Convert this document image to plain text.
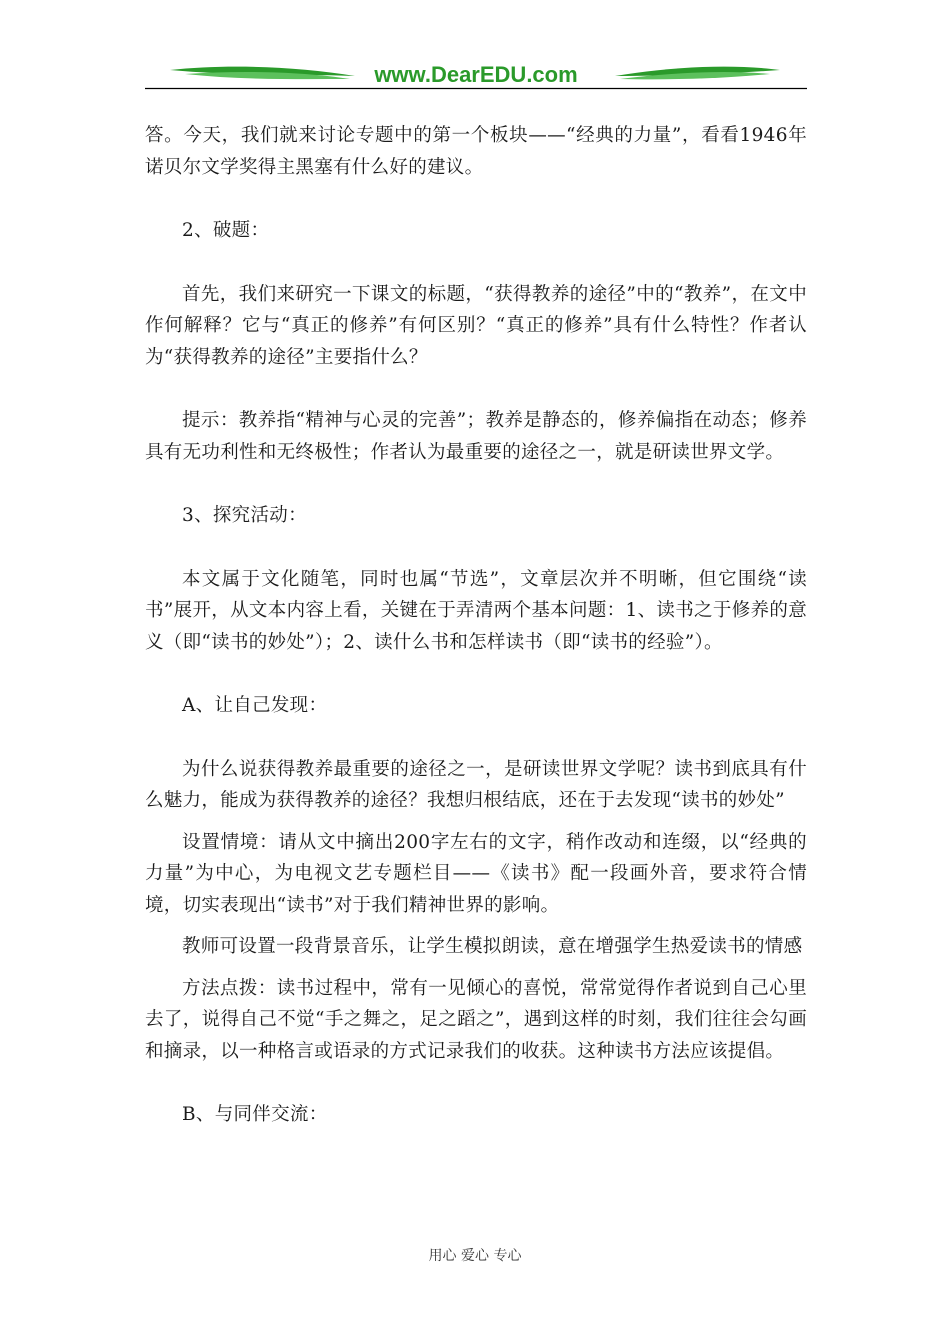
www.DearEDU.com

答。今天，我们就来讨论专题中的第一个板块——“经典的力量”，看看1946年诺贝尔文学奖得主黑塞有什么好的建议。

2、破题：

首先，我们来研究一下课文的标题，“获得教养的途径”中的“教养”，在文中作何解释？它与“真正的修养”有何区别？“真正的修养”具有什么特性？作者认为“获得教养的途径”主要指什么？

提示：教养指“精神与心灵的完善”；教养是静态的，修养偏指在动态；修养具有无功利性和无终极性；作者认为最重要的途径之一，就是研读世界文学。

3、探究活动：

本文属于文化随笔，同时也属“节选”，文章层次并不明晰，但它围绕“读书”展开，从文本内容上看，关键在于弄清两个基本问题：1、读书之于修养的意义（即“读书的妙处”）；2、读什么书和怎样读书（即“读书的经验”）。

A、让自己发现：

为什么说获得教养最重要的途径之一，是研读世界文学呢？读书到底具有什么魅力，能成为获得教养的途径？我想归根结底，还在于去发现“读书的妙处”

设置情境：请从文中摘出200字左右的文字，稍作改动和连缀，以“经典的力量”为中心，为电视文艺专题栏目——《读书》配一段画外音，要求符合情境，切实表现出“读书”对于我们精神世界的影响。

教师可设置一段背景音乐，让学生模拟朗读，意在增强学生热爱读书的情感

方法点拨：读书过程中，常有一见倾心的喜悦，常常觉得作者说到自己心里去了，说得自己不觉“手之舞之，足之蹈之”，遇到这样的时刻，我们往往会勾画和摘录，以一种格言或语录的方式记录我们的收获。这种读书方法应该提倡。

B、与同伴交流：

用心 爱心 专心
